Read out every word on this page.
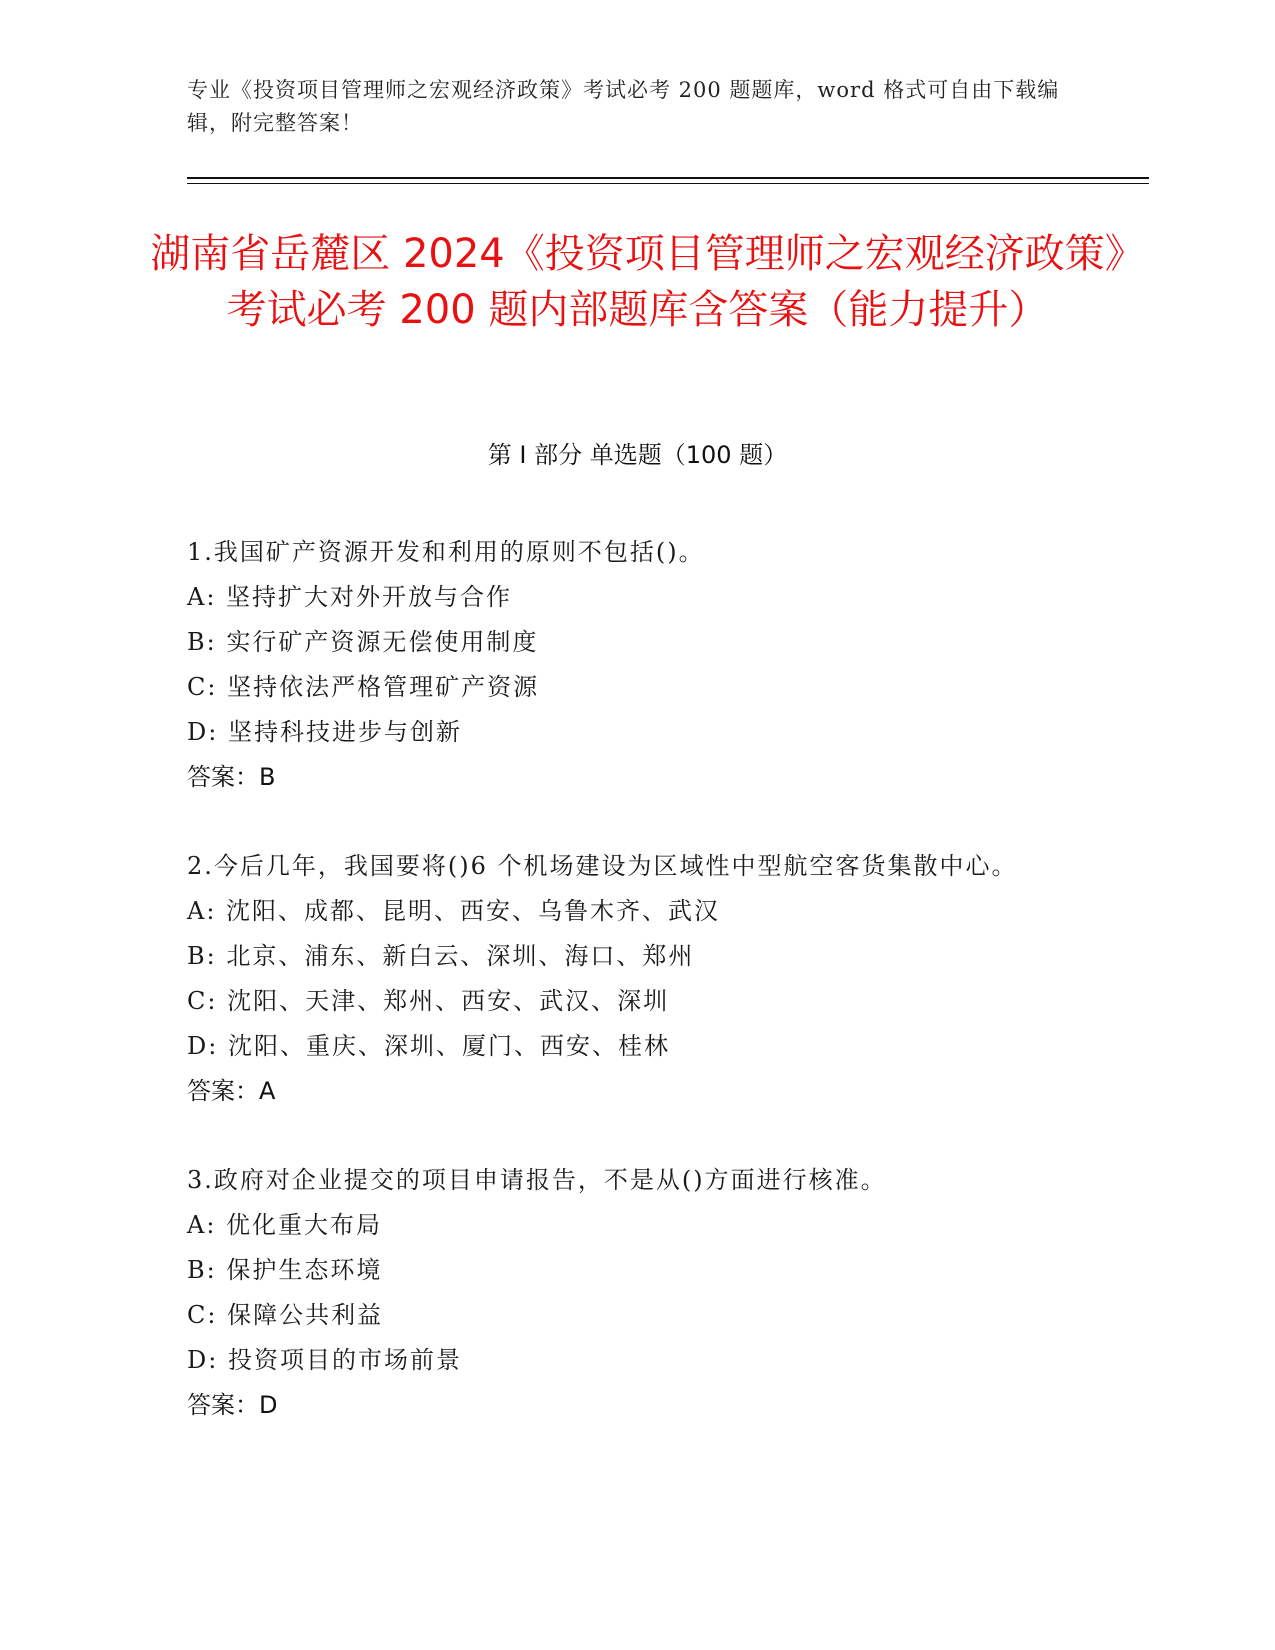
专业《投资项目管理师之宏观经济政策》考试必考 200 题题库，word 格式可自由下载编辑，附完整答案！
湖南省岳麓区 2024《投资项目管理师之宏观经济政策》考试必考 200 题内部题库含答案（能力提升）
第 I 部分 单选题（100 题）

1.我国矿产资源开发和利用的原则不包括()。

A: 坚持扩大对外开放与合作

B: 实行矿产资源无偿使用制度

C: 坚持依法严格管理矿产资源

D: 坚持科技进步与创新

答案：B

2.今后几年，我国要将()6 个机场建设为区域性中型航空客货集散中心。

A: 沈阳、成都、昆明、西安、乌鲁木齐、武汉

B: 北京、浦东、新白云、深圳、海口、郑州

C: 沈阳、天津、郑州、西安、武汉、深圳

D: 沈阳、重庆、深圳、厦门、西安、桂林

答案：A

3.政府对企业提交的项目申请报告，不是从()方面进行核准。

A: 优化重大布局

B: 保护生态环境

C: 保障公共利益

D: 投资项目的市场前景

答案：D
